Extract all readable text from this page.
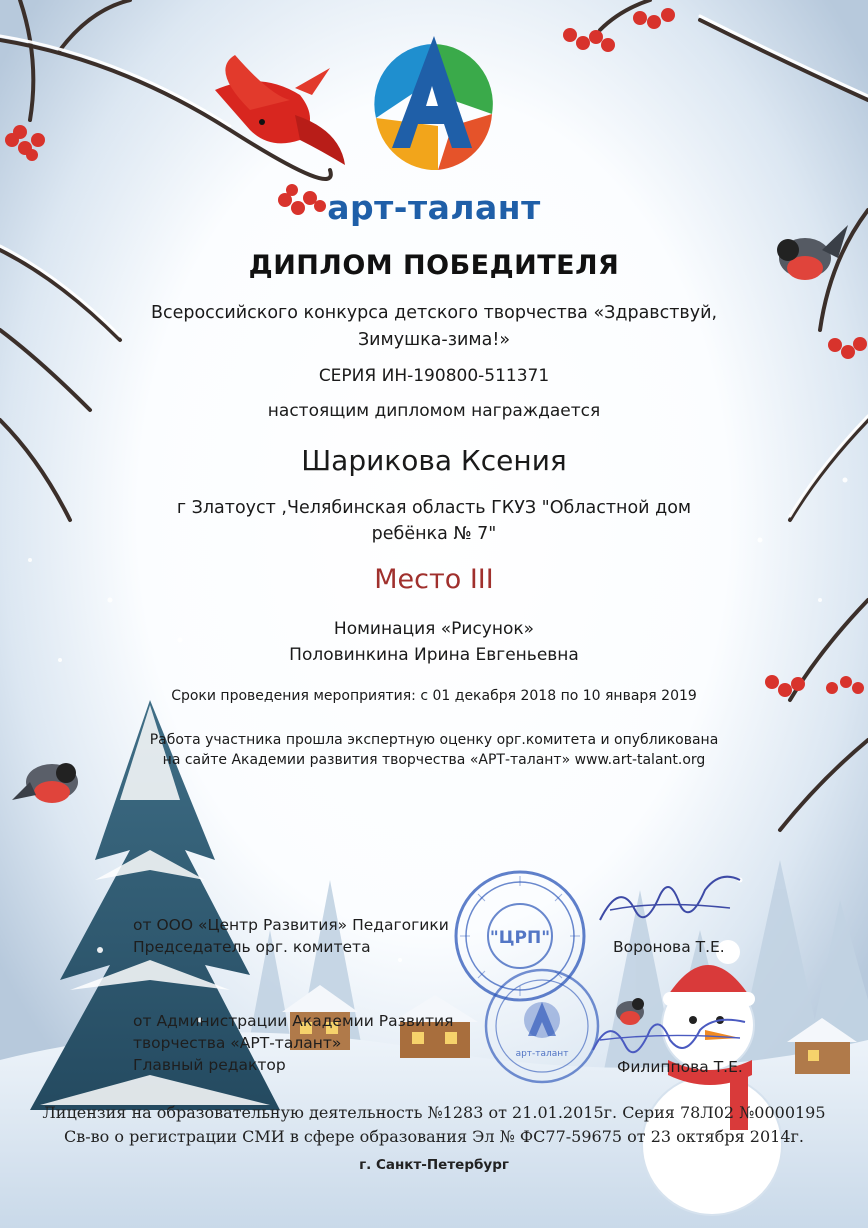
арт-талант
ДИПЛОМ ПОБЕДИТЕЛЯ
Всероссийского конкурса детского творчества «Здравствуй,
Зимушка-зима!»
СЕРИЯ ИН-190800-511371
настоящим дипломом награждается
Шарикова Ксения
г Златоуст ,Челябинская область ГКУЗ "Областной дом
ребёнка № 7"
Место III
Номинация «Рисунок»
Половинкина Ирина Евгеньевна
Сроки проведения мероприятия: с 01 декабря 2018 по 10 января 2019
Работа участника прошла экспертную оценку орг.комитета и опубликована
на сайте Академии развития творчества «АРТ-талант» www.art-talant.org
"ЦРП"
арт-талант
от ООО «Центр Развития» Педагогики
Председатель орг. комитета	Воронова Т.Е.
от Администрации Академии Развития
творчества «АРТ-талант»
Главный редактор	Филиппова Т.Е.
Лицензия на образовательную деятельность №1283 от 21.01.2015г. Серия 78Л02 №0000195
Св-во о регистрации СМИ в сфере образования Эл № ФС77-59675 от 23 октября 2014г.
г. Санкт-Петербург
